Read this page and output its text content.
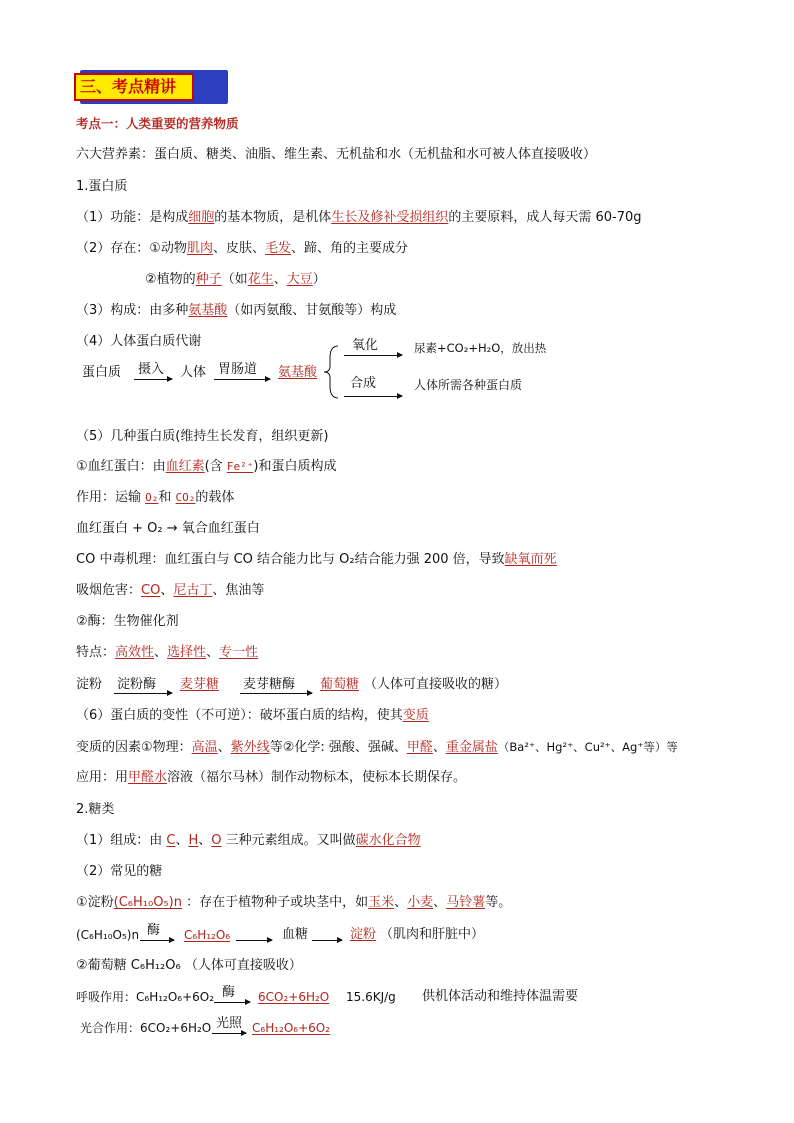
三、考点精讲
考点一：人类重要的营养物质
六大营养素：蛋白质、糖类、油脂、维生素、无机盐和水（无机盐和水可被人体直接吸收）
1.蛋白质
（1）功能：是构成细胞的基本物质，是机体生长及修补受损组织的主要原料，成人每天需 60-70g
（2）存在：①动物肌肉、皮肤、毛发、蹄、角的主要成分
②植物的种子（如花生、大豆）
（3）构成：由多种氨基酸（如丙氨酸、甘氨酸等）构成
（4）人体蛋白质代谢
蛋白质 摄入 人体 胃肠道 氨基酸
氧化	尿素+CO₂+H₂O，放出热
合成	人体所需各种蛋白质
（5）几种蛋白质(维持生长发育，组织更新)
①血红蛋白：由血红素(含 Fe²⁺)和蛋白质构成
作用：运输 O₂和 CO₂的载体
血红蛋白 + O₂ → 氧合血红蛋白
CO 中毒机理：血红蛋白与 CO 结合能力比与 O₂结合能力强 200 倍，导致缺氧而死
吸烟危害：CO、尼古丁、焦油等
②酶：生物催化剂
特点：高效性、选择性、专一性
淀粉 淀粉酶 麦芽糖 麦芽糖酶 葡萄糖 （人体可直接吸收的糖）
（6）蛋白质的变性（不可逆）：破坏蛋白质的结构，使其变质
变质的因素①物理：高温、紫外线等②化学: 强酸、强碱、甲醛、重金属盐（Ba²⁺、Hg²⁺、Cu²⁺、Ag⁺等）等
应用：用甲醛水溶液（福尔马林）制作动物标本，使标本长期保存。
2.糖类
（1）组成：由 C、H、O 三种元素组成。又叫做碳水化合物
（2）常见的糖
①淀粉(C₆H₁₀O₅)n ：存在于植物种子或块茎中，如玉米、小麦、马铃薯等。
(C₆H₁₀O₅)n 酶 C₆H₁₂O₆	血糖	淀粉 （肌肉和肝脏中）
②葡萄糖 C₆H₁₂O₆ （人体可直接吸收）
呼吸作用：C₆H₁₂O₆+6O₂ 酶 6CO₂+6H₂O 15.6KJ/g 供机体活动和维持体温需要
光合作用：6CO₂+6H₂O 光照 C₆H₁₂O₆+6O₂
